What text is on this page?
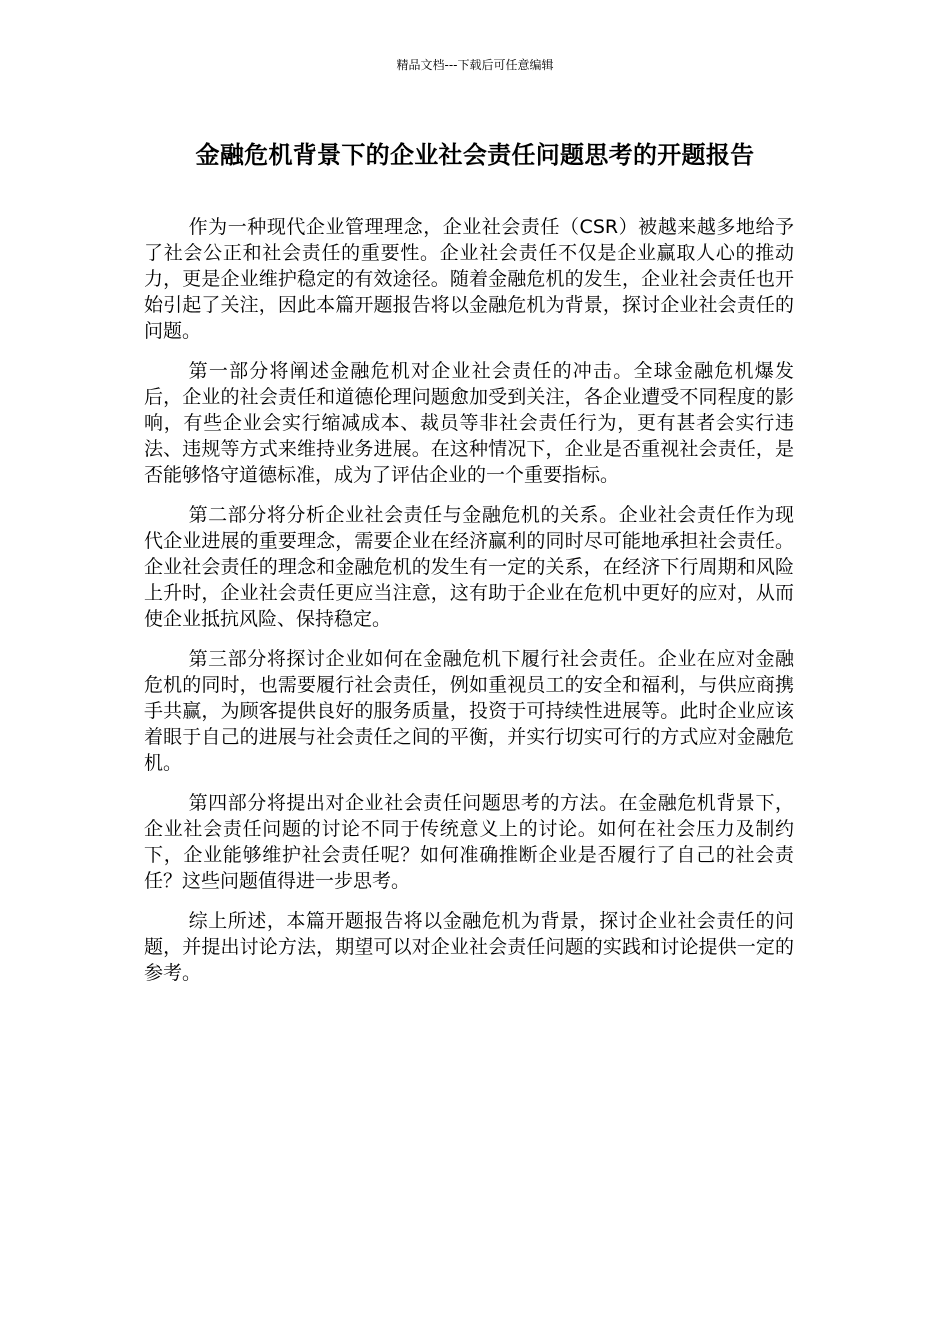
精品文档---下载后可任意编辑
金融危机背景下的企业社会责任问题思考的开题报告

作为一种现代企业管理理念，企业社会责任（CSR）被越来越多地给予了社会公正和社会责任的重要性。企业社会责任不仅是企业赢取人心的推动力，更是企业维护稳定的有效途径。随着金融危机的发生，企业社会责任也开始引起了关注，因此本篇开题报告将以金融危机为背景，探讨企业社会责任的问题。

第一部分将阐述金融危机对企业社会责任的冲击。全球金融危机爆发后，企业的社会责任和道德伦理问题愈加受到关注，各企业遭受不同程度的影响，有些企业会实行缩减成本、裁员等非社会责任行为，更有甚者会实行违法、违规等方式来维持业务进展。在这种情况下，企业是否重视社会责任，是否能够恪守道德标准，成为了评估企业的一个重要指标。

第二部分将分析企业社会责任与金融危机的关系。企业社会责任作为现代企业进展的重要理念，需要企业在经济赢利的同时尽可能地承担社会责任。企业社会责任的理念和金融危机的发生有一定的关系，在经济下行周期和风险上升时，企业社会责任更应当注意，这有助于企业在危机中更好的应对，从而使企业抵抗风险、保持稳定。

第三部分将探讨企业如何在金融危机下履行社会责任。企业在应对金融危机的同时，也需要履行社会责任，例如重视员工的安全和福利，与供应商携手共赢，为顾客提供良好的服务质量，投资于可持续性进展等。此时企业应该着眼于自己的进展与社会责任之间的平衡，并实行切实可行的方式应对金融危机。

第四部分将提出对企业社会责任问题思考的方法。在金融危机背景下，企业社会责任问题的讨论不同于传统意义上的讨论。如何在社会压力及制约下，企业能够维护社会责任呢？如何准确推断企业是否履行了自己的社会责任？这些问题值得进一步思考。

综上所述，本篇开题报告将以金融危机为背景，探讨企业社会责任的问题，并提出讨论方法，期望可以对企业社会责任问题的实践和讨论提供一定的参考。
